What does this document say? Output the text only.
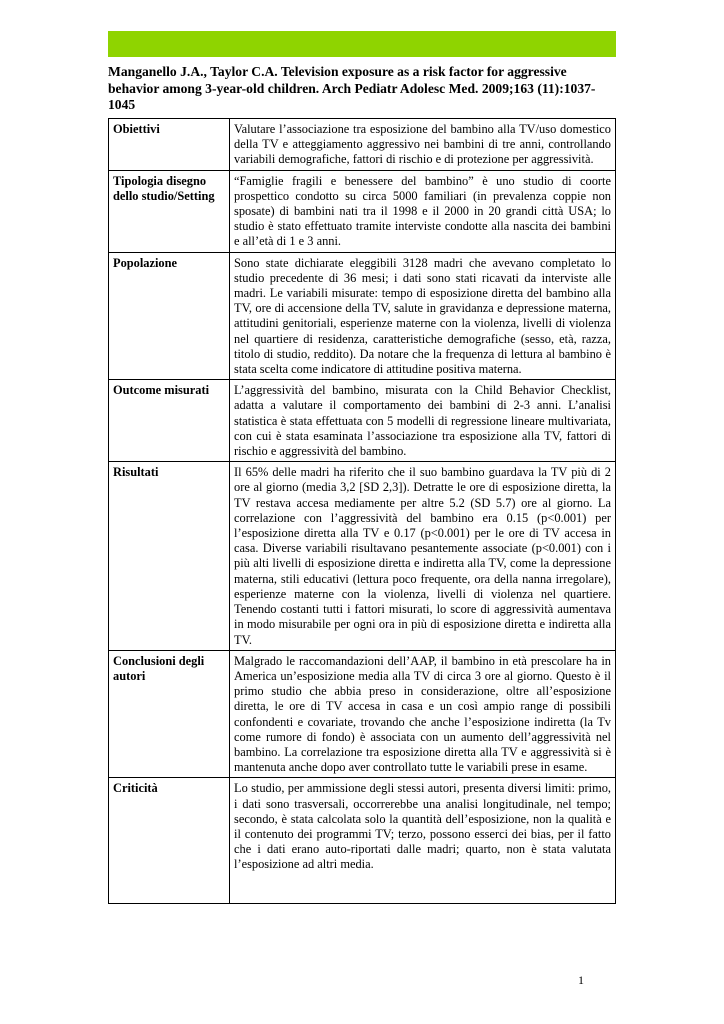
Manganello J.A., Taylor C.A. Television exposure as a risk factor for aggressive behavior among 3-year-old children. Arch Pediatr Adolesc Med. 2009;163 (11):1037-1045
Obiettivi	Valutare l’associazione tra esposizione del bambino alla TV/uso domestico della TV e atteggiamento aggressivo nei bambini di tre anni, controllando variabili demografiche, fattori di rischio e di protezione per aggressività.
Tipologia disegno dello studio/Setting	“Famiglie fragili e benessere del bambino” è uno studio di coorte prospettico condotto su circa 5000 familiari (in prevalenza coppie non sposate) di bambini nati tra il 1998 e il 2000 in 20 grandi città USA; lo studio è stato effettuato tramite interviste condotte alla nascita dei bambini e all’età di 1 e 3 anni.
Popolazione	Sono state dichiarate eleggibili 3128 madri che avevano completato lo studio precedente di 36 mesi; i dati sono stati ricavati da interviste alle madri. Le variabili misurate: tempo di esposizione diretta del bambino alla TV, ore di accensione della TV, salute in gravidanza e depressione materna, attitudini genitoriali, esperienze materne con la violenza, livelli di violenza nel quartiere di residenza, caratteristiche demografiche (sesso, età, razza, titolo di studio, reddito). Da notare che la frequenza di lettura al bambino è stata scelta come indicatore di attitudine positiva materna.
Outcome misurati	L’aggressività del bambino, misurata con la Child Behavior Checklist, adatta a valutare il comportamento dei bambini di 2-3 anni. L’analisi statistica è stata effettuata con 5 modelli di regressione lineare multivariata, con cui è stata esaminata l’associazione tra esposizione alla TV, fattori di rischio e aggressività del bambino.
Risultati	Il 65% delle madri ha riferito che il suo bambino guardava la TV più di 2 ore al giorno (media 3,2 [SD 2,3]). Detratte le ore di esposizione diretta, la TV restava accesa mediamente per altre 5.2 (SD 5.7) ore al giorno. La correlazione con l’aggressività del bambino era 0.15 (p<0.001) per l’esposizione diretta alla TV e 0.17 (p<0.001) per le ore di TV accesa in casa. Diverse variabili risultavano pesantemente associate (p<0.001) con i più alti livelli di esposizione diretta e indiretta alla TV, come la depressione materna, stili educativi (lettura poco frequente, ora della nanna irregolare), esperienze materne con la violenza, livelli di violenza nel quartiere. Tenendo costanti tutti i fattori misurati, lo score di aggressività aumentava in modo misurabile per ogni ora in più di esposizione diretta e indiretta alla TV.
Conclusioni degli autori	Malgrado le raccomandazioni dell’AAP, il bambino in età prescolare ha in America un’esposizione media alla TV di circa 3 ore al giorno. Questo è il primo studio che abbia preso in considerazione, oltre all’esposizione diretta, le ore di TV accesa in casa e un così ampio range di possibili confondenti e covariate, trovando che anche l’esposizione indiretta (la Tv come rumore di fondo) è associata con un aumento dell’aggressività nel bambino. La correlazione tra esposizione diretta alla TV e aggressività si è mantenuta anche dopo aver controllato tutte le variabili prese in esame.
Criticità	Lo studio, per ammissione degli stessi autori, presenta diversi limiti: primo, i dati sono trasversali, occorrerebbe una analisi longitudinale, nel tempo; secondo, è stata calcolata solo la quantità dell’esposizione, non la qualità e il contenuto dei programmi TV; terzo, possono esserci dei bias, per il fatto che i dati erano auto-riportati dalle madri; quarto, non è stata valutata l’esposizione ad altri media.
1
